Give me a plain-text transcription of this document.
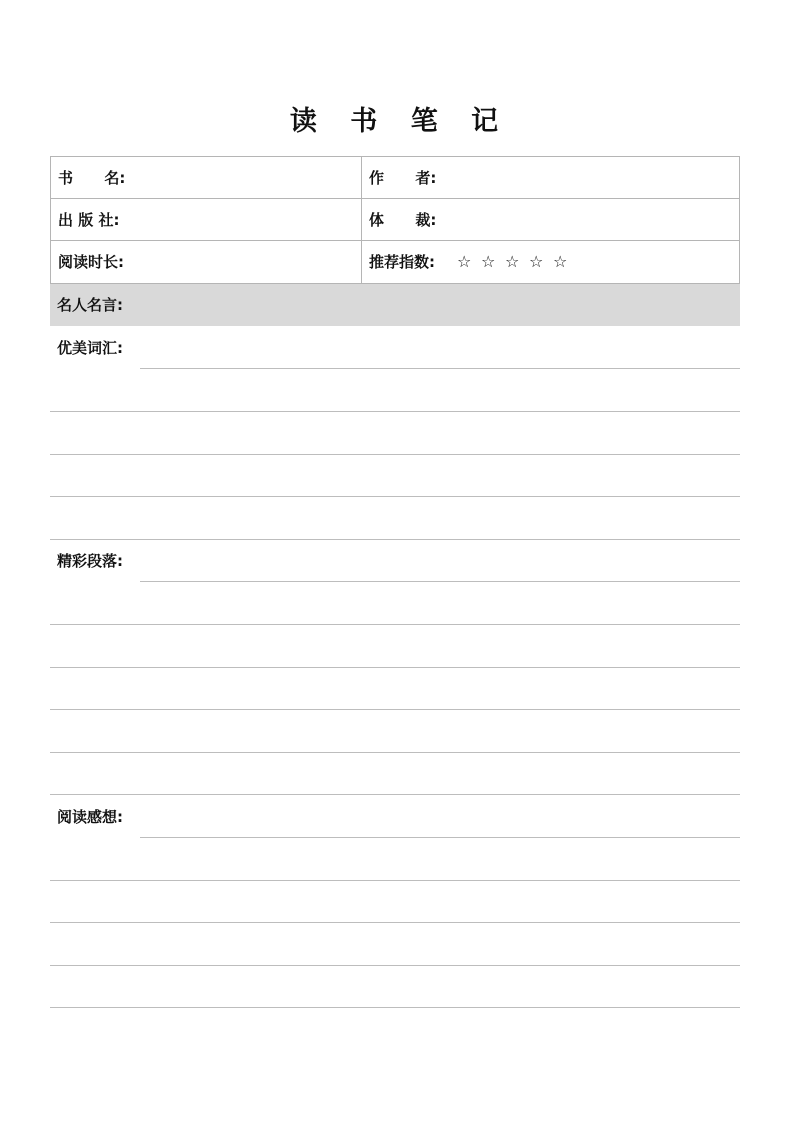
读 书 笔 记
书      名:	作      者:
出 版 社:	体      裁:
阅读时长:	推荐指数: ☆ ☆ ☆ ☆ ☆
名人名言:
优美词汇:
精彩段落:
阅读感想:
